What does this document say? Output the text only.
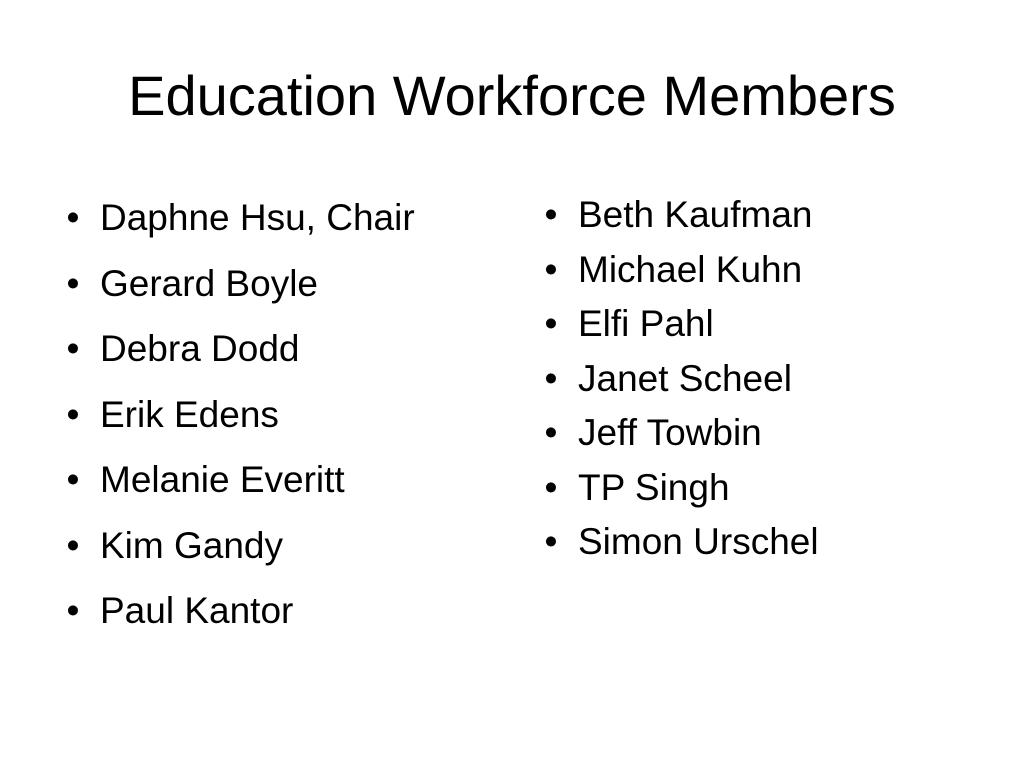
Education Workforce Members
• Daphne Hsu, Chair
• Gerard Boyle
• Debra Dodd
• Erik Edens
• Melanie Everitt
• Kim Gandy
• Paul Kantor
• Beth Kaufman
• Michael Kuhn
• Elfi Pahl
• Janet Scheel
• Jeff Towbin
• TP Singh
• Simon Urschel
